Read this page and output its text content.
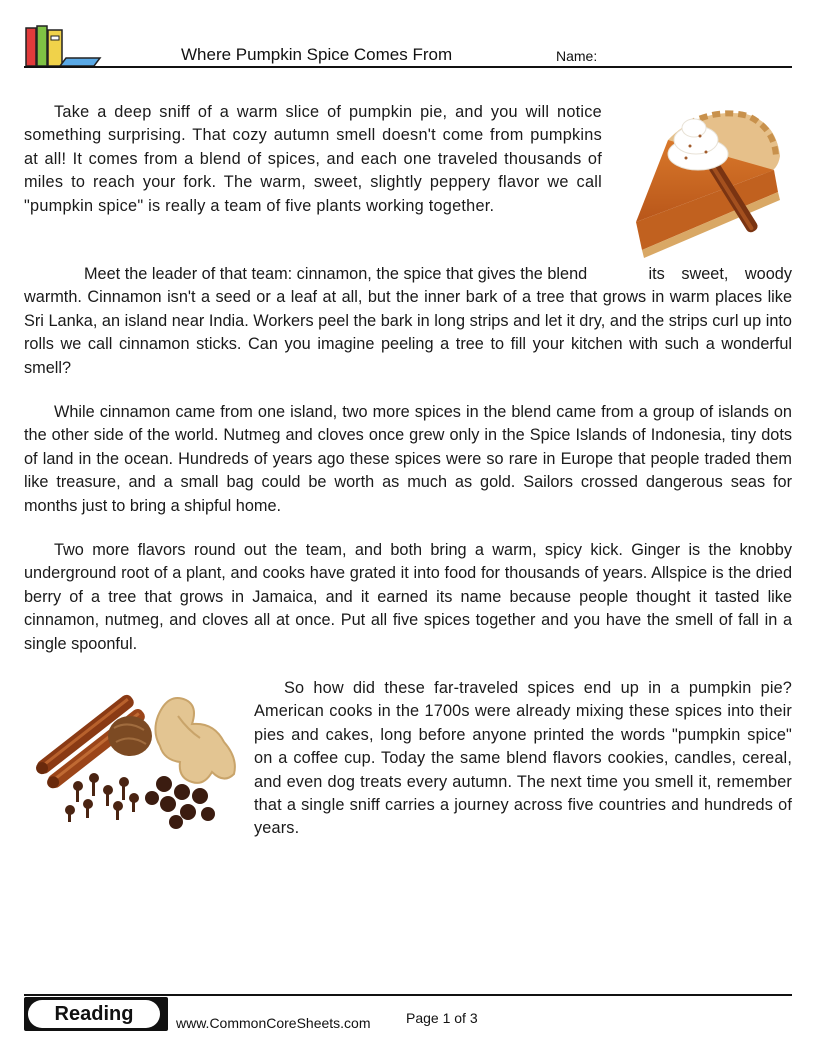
Where Pumpkin Spice Comes From	Name:

Take a deep sniff of a warm slice of pumpkin pie, and you will notice something surprising. That cozy autumn smell doesn't come from pumpkins at all! It comes from a blend of spices, and each one traveled thousands of miles to reach your fork. The warm, sweet, slightly peppery flavor we call "pumpkin spice" is really a team of five plants working together.

Meet the leader of that team: cinnamon, the spice that gives the blend	its sweet, woody warmth. Cinnamon isn't a seed or a leaf at all, but the inner bark of a tree that grows in warm places like Sri Lanka, an island near India. Workers peel the bark in long strips and let it dry, and the strips curl up into rolls we call cinnamon sticks. Can you imagine peeling a tree to fill your kitchen with such a wonderful smell?

While cinnamon came from one island, two more spices in the blend came from a group of islands on the other side of the world. Nutmeg and cloves once grew only in the Spice Islands of Indonesia, tiny dots of land in the ocean. Hundreds of years ago these spices were so rare in Europe that people traded them like treasure, and a small bag could be worth as much as gold. Sailors crossed dangerous seas for months just to bring a shipful home.

Two more flavors round out the team, and both bring a warm, spicy kick. Ginger is the knobby underground root of a plant, and cooks have grated it into food for thousands of years. Allspice is the dried berry of a tree that grows in Jamaica, and it earned its name because people thought it tasted like cinnamon, nutmeg, and cloves all at once. Put all five spices together and you have the smell of fall in a single spoonful.

So how did these far-traveled spices end up in a pumpkin pie? American cooks in the 1700s were already mixing these spices into their pies and cakes, long before anyone printed the words "pumpkin spice" on a coffee cup. Today the same blend flavors cookies, candles, cereal, and even dog treats every autumn. The next time you smell it, remember that a single sniff carries a journey across five countries and hundreds of years.

Reading	www.CommonCoreSheets.com	Page 1 of 3
